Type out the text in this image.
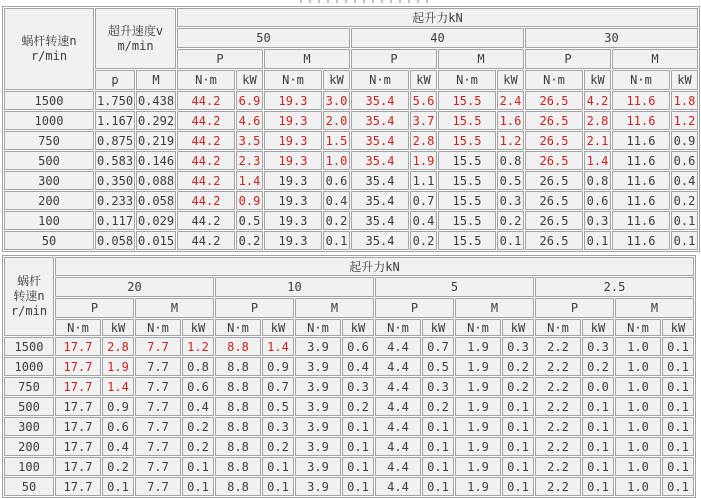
蜗杆转速n
r/min

超升速度v
m/min
	起升力kN
			50				40				30			
			P		M		P		M		P		M	
	p	M	N·m	kW	N·m	kW	N·m	kW	N·m	kW	N·m	kW	N·m	kW
1500	1.750	0.438	44.2	6.9	19.3	3.0	35.4	5.6	15.5	2.4	26.5	4.2	11.6	1.8
1000	1.167	0.292	44.2	4.6	19.3	2.0	35.4	3.7	15.5	1.6	26.5	2.8	11.6	1.2
750	0.875	0.219	44.2	3.5	19.3	1.5	35.4	2.8	15.5	1.2	26.5	2.1	11.6	0.9
500	0.583	0.146	44.2	2.3	19.3	1.0	35.4	1.9	15.5	0.8	26.5	1.4	11.6	0.6
300	0.350	0.088	44.2	1.4	19.3	0.6	35.4	1.1	15.5	0.5	26.5	0.8	11.6	0.4
200	0.233	0.058	44.2	0.9	19.3	0.4	35.4	0.7	15.5	0.3	26.5	0.6	11.6	0.2
100	0.117	0.029	44.2	0.5	19.3	0.2	35.4	0.4	15.5	0.2	26.5	0.3	11.6	0.1
50	0.058	0.015	44.2	0.2	19.3	0.1	35.4	0.2	15.5	0.1	26.5	0.1	11.6	0.1
蜗杆
转速n
r/min	起升力kN															
	20				10				5				2.5			
	P		M		P		M		P		M		P		M	
	N·m	kW	N·m	kW	N·m	kW	N·m	kW	N·m	kW	N·m	kW	N·m	kW	N·m	kW
1500	17.7	2.8	7.7	1.2	8.8	1.4	3.9	0.6	4.4	0.7	1.9	0.3	2.2	0.3	1.0	0.1
1000	17.7	1.9	7.7	0.8	8.8	0.9	3.9	0.4	4.4	0.5	1.9	0.2	2.2	0.2	1.0	0.1
750	17.7	1.4	7.7	0.6	8.8	0.7	3.9	0.3	4.4	0.3	1.9	0.2	2.2	0.0	1.0	0.1
500	17.7	0.9	7.7	0.4	8.8	0.5	3.9	0.2	4.4	0.2	1.9	0.1	2.2	0.1	1.0	0.1
300	17.7	0.6	7.7	0.2	8.8	0.3	3.9	0.1	4.4	0.1	1.9	0.1	2.2	0.1	1.0	0.1
200	17.7	0.4	7.7	0.2	8.8	0.2	3.9	0.1	4.4	0.1	1.9	0.1	2.2	0.1	1.0	0.1
100	17.7	0.2	7.7	0.1	8.8	0.1	3.9	0.1	4.4	0.1	1.9	0.1	2.2	0.1	1.0	0.1
50	17.7	0.1	7.7	0.1	8.8	0.1	3.9	0.1	4.4	0.1	1.9	0.1	2.2	0.1	1.0	0.1
